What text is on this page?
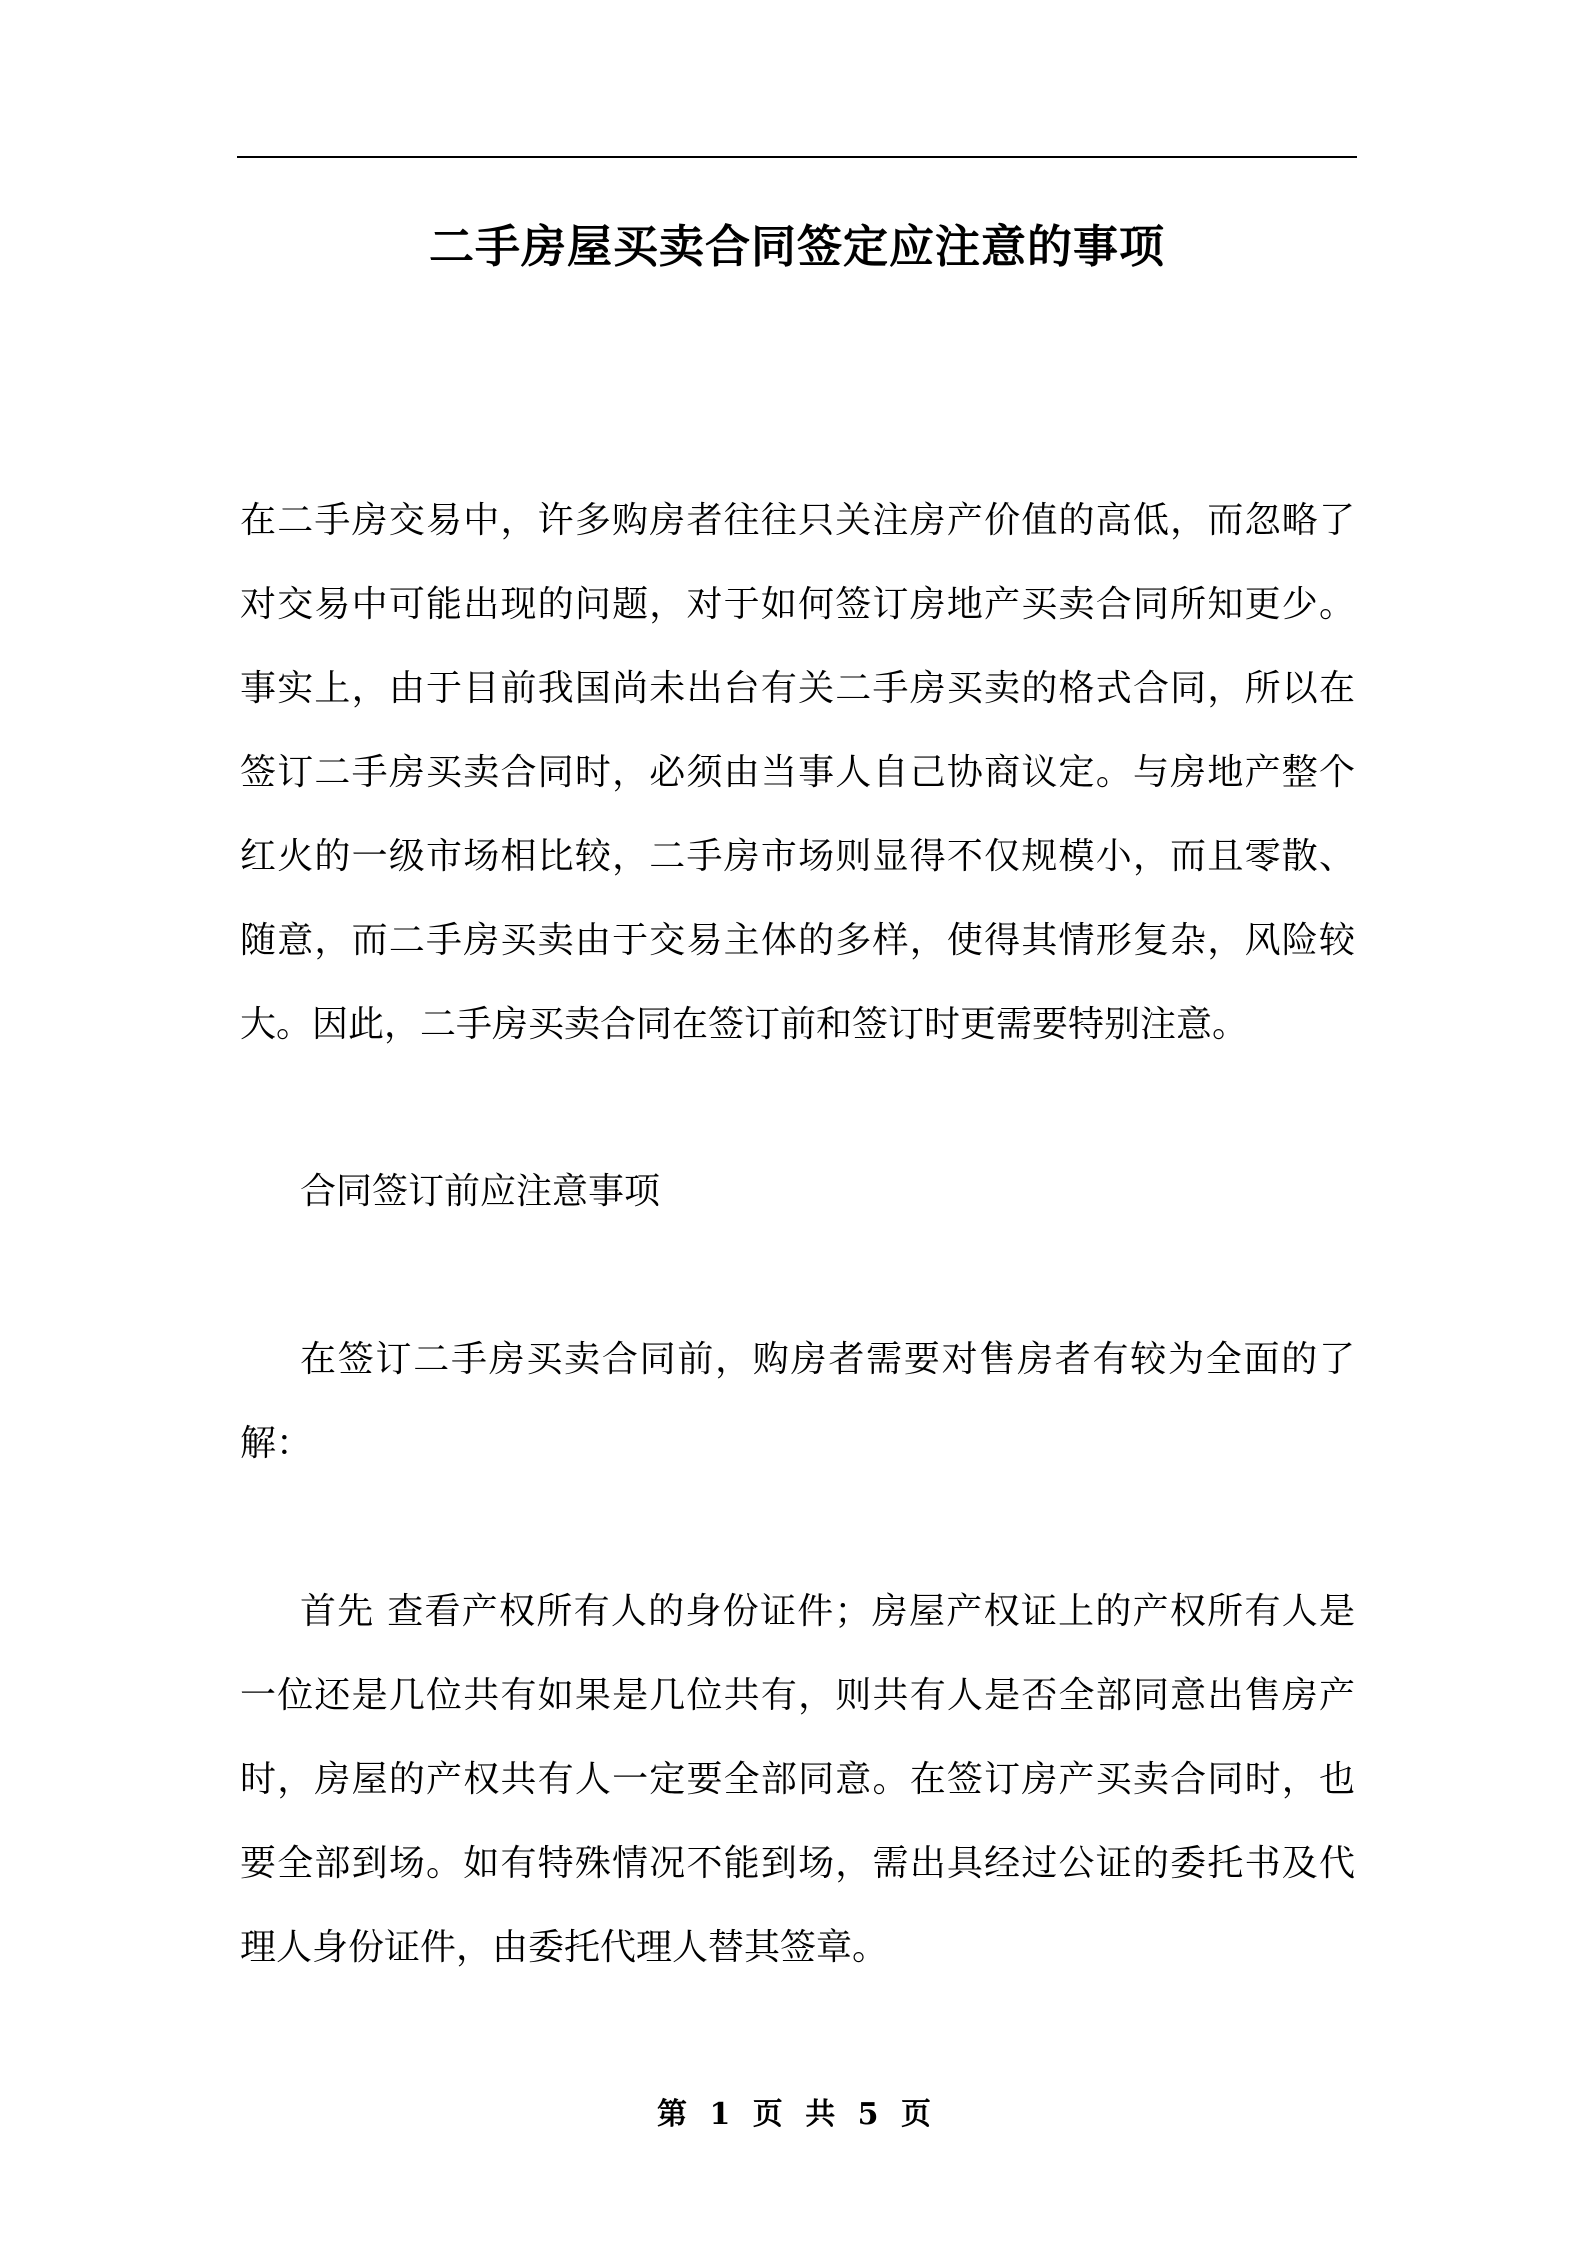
二手房屋买卖合同签定应注意的事项
在二手房交易中，许多购房者往往只关注房产价值的高低，而忽略了对交易中可能出现的问题，对于如何签订房地产买卖合同所知更少。事实上，由于目前我国尚未出台有关二手房买卖的格式合同，所以在签订二手房买卖合同时，必须由当事人自己协商议定。与房地产整个红火的一级市场相比较，二手房市场则显得不仅规模小，而且零散、随意，而二手房买卖由于交易主体的多样，使得其情形复杂，风险较大。因此，二手房买卖合同在签订前和签订时更需要特别注意。
合同签订前应注意事项
在签订二手房买卖合同前，购房者需要对售房者有较为全面的了解：
首先 查看产权所有人的身份证件；房屋产权证上的产权所有人是一位还是几位共有如果是几位共有，则共有人是否全部同意出售房产时，房屋的产权共有人一定要全部同意。在签订房产买卖合同时，也要全部到场。如有特殊情况不能到场，需出具经过公证的委托书及代理人身份证件，由委托代理人替其签章。
第 1 页 共 5 页
